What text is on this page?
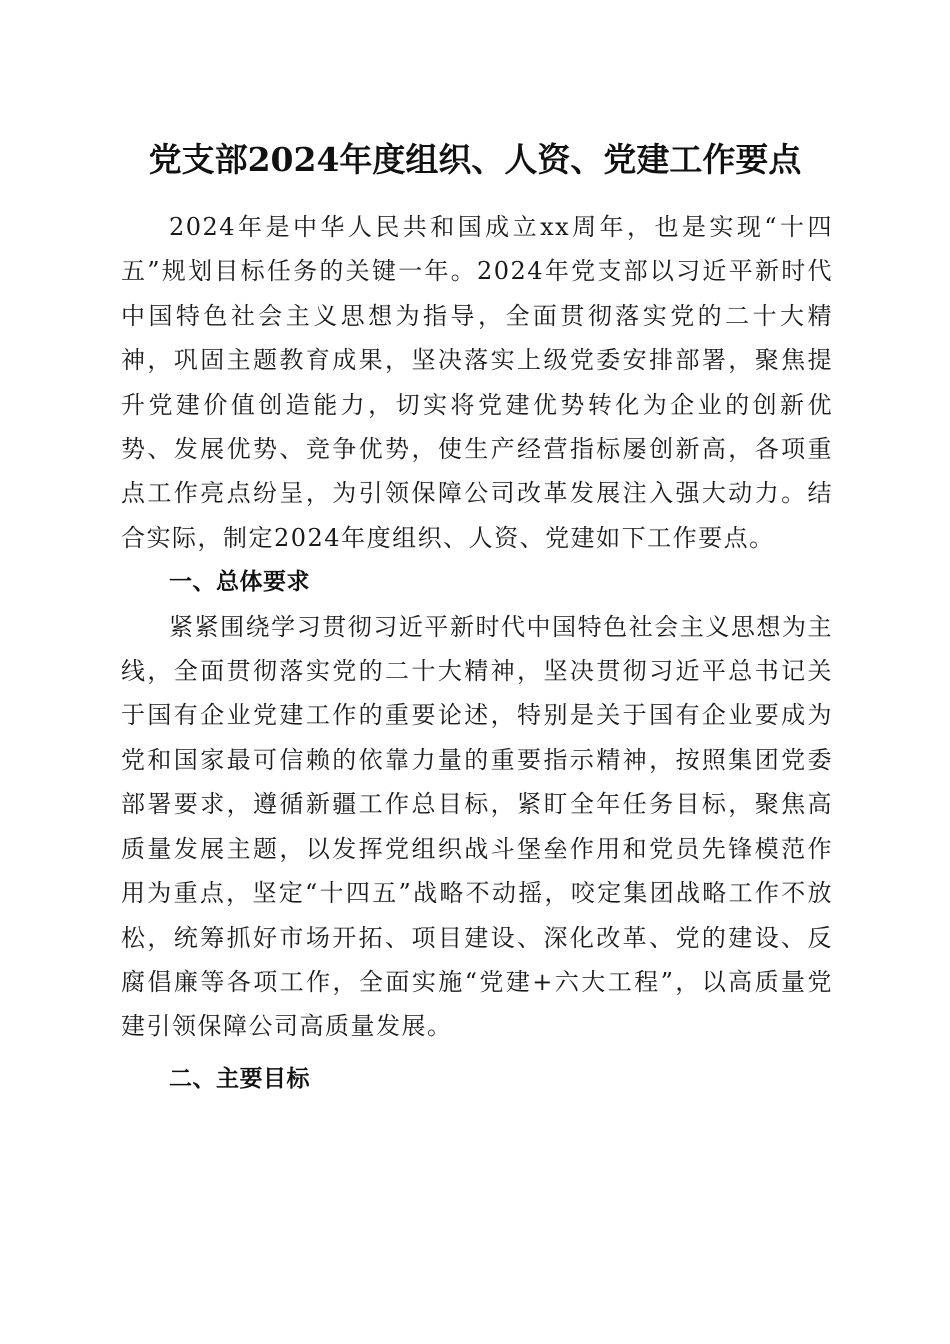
党支部2024年度组织、人资、党建工作要点

2024年是中华人民共和国成立xx周年，也是实现“十四五”规划目标任务的关键一年。2024年党支部以习近平新时代中国特色社会主义思想为指导，全面贯彻落实党的二十大精神，巩固主题教育成果，坚决落实上级党委安排部署，聚焦提升党建价值创造能力，切实将党建优势转化为企业的创新优势、发展优势、竞争优势，使生产经营指标屡创新高，各项重点工作亮点纷呈，为引领保障公司改革发展注入强大动力。结合实际，制定2024年度组织、人资、党建如下工作要点。

一、总体要求

紧紧围绕学习贯彻习近平新时代中国特色社会主义思想为主线，全面贯彻落实党的二十大精神，坚决贯彻习近平总书记关于国有企业党建工作的重要论述，特别是关于国有企业要成为党和国家最可信赖的依靠力量的重要指示精神，按照集团党委部署要求，遵循新疆工作总目标，紧盯全年任务目标，聚焦高质量发展主题，以发挥党组织战斗堡垒作用和党员先锋模范作用为重点，坚定“十四五”战略不动摇，咬定集团战略工作不放松，统筹抓好市场开拓、项目建设、深化改革、党的建设、反腐倡廉等各项工作，全面实施“党建+六大工程”，以高质量党建引领保障公司高质量发展。

二、主要目标
